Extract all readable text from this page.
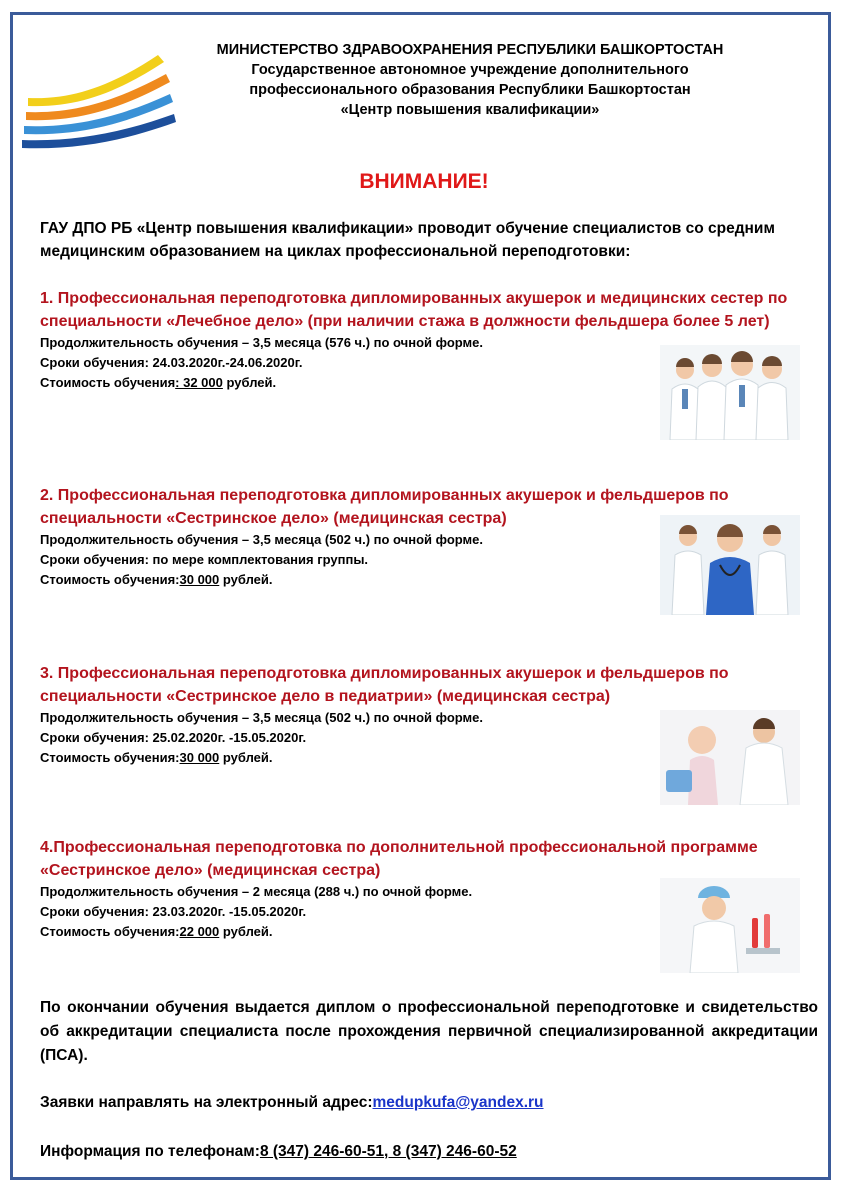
МИНИСТЕРСТВО ЗДРАВООХРАНЕНИЯ РЕСПУБЛИКИ БАШКОРТОСТАН
Государственное автономное учреждение дополнительного
профессионального образования Республики Башкортостан
«Центр повышения квалификации»
ВНИМАНИЕ!
ГАУ ДПО РБ «Центр повышения квалификации» проводит обучение специалистов со средним медицинским образованием на циклах профессиональной переподготовки:
1. Профессиональная переподготовка дипломированных акушерок и медицинских сестер по специальности «Лечебное дело» (при наличии стажа в должности фельдшера более 5 лет)
Продолжительность обучения – 3,5 месяца (576 ч.) по очной форме.
Сроки обучения: 24.03.2020г.-24.06.2020г.
Стоимость обучения: 32 000 рублей.
2. Профессиональная переподготовка дипломированных акушерок и фельдшеров по специальности «Сестринское дело» (медицинская сестра)
Продолжительность обучения – 3,5 месяца (502 ч.) по очной форме.
Сроки обучения: по мере комплектования группы.
Стоимость обучения:30 000 рублей.
3. Профессиональная переподготовка дипломированных акушерок и фельдшеров по специальности «Сестринское дело в педиатрии» (медицинская сестра)
Продолжительность обучения – 3,5 месяца (502 ч.) по очной форме.
Сроки обучения: 25.02.2020г. -15.05.2020г.
Стоимость обучения:30 000 рублей.
4.Профессиональная переподготовка по дополнительной профессиональной программе «Сестринское дело» (медицинская сестра)
Продолжительность обучения – 2 месяца (288 ч.) по очной форме.
Сроки обучения: 23.03.2020г. -15.05.2020г.
Стоимость обучения:22 000 рублей.
По окончании обучения выдается диплом о профессиональной переподготовке и свидетельство об аккредитации специалиста после прохождения первичной специализированной аккредитации (ПСА).
Заявки направлять на электронный адрес:medupkufa@yandex.ru
Информация по телефонам:8 (347) 246-60-51, 8 (347) 246-60-52
